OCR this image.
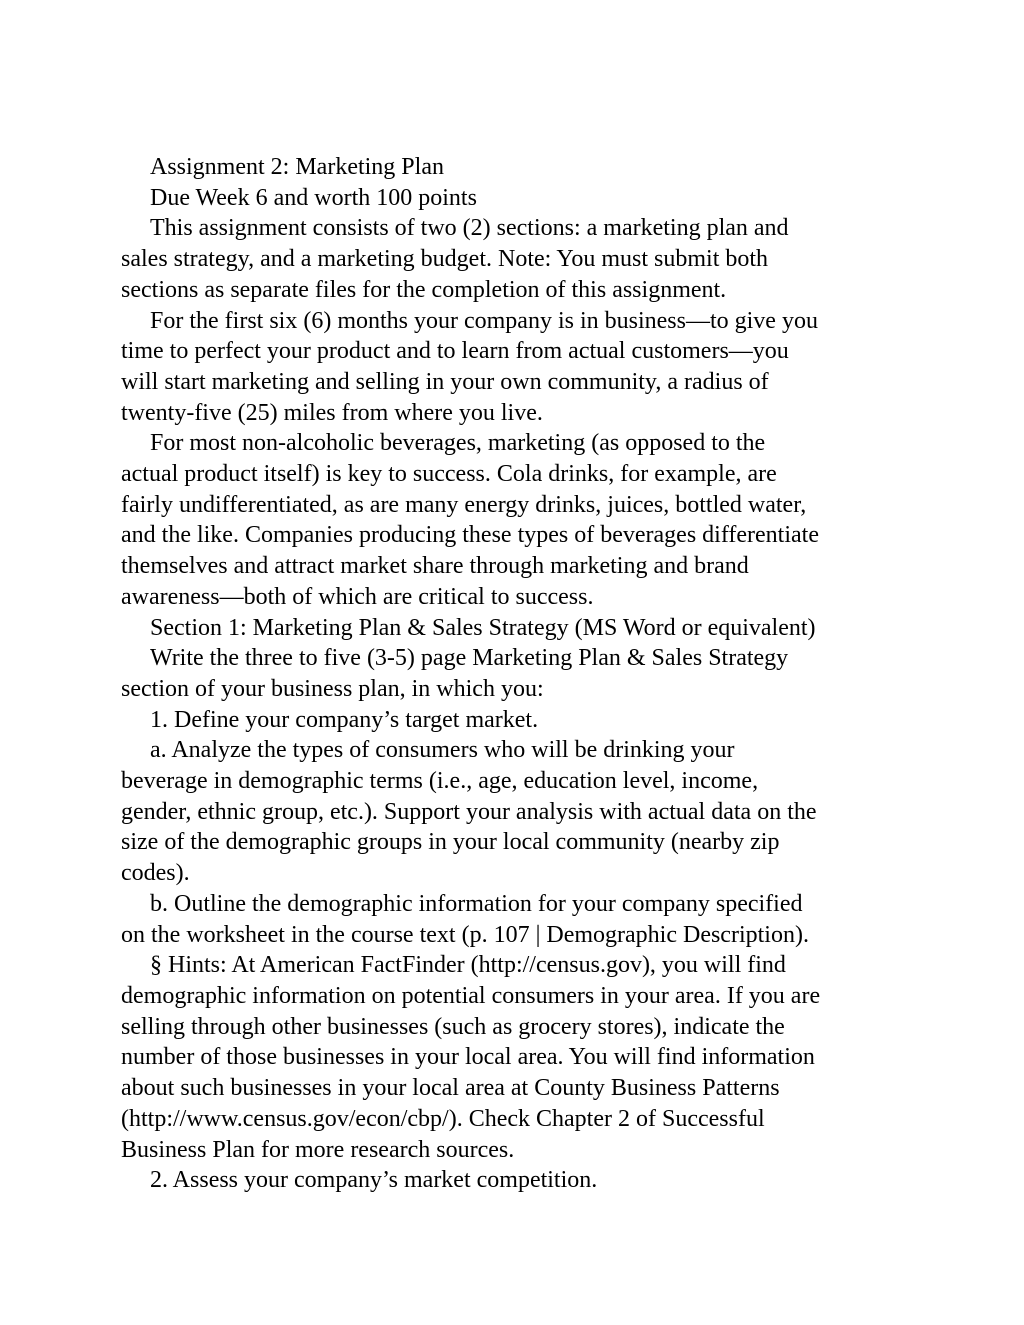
Assignment 2: Marketing Plan

Due Week 6 and worth 100 points

This assignment consists of two (2) sections: a marketing plan and
sales strategy, and a marketing budget. Note: You must submit both
sections as separate files for the completion of this assignment.

For the first six (6) months your company is in business—to give you
time to perfect your product and to learn from actual customers—you
will start marketing and selling in your own community, a radius of
twenty-five (25) miles from where you live.

For most non-alcoholic beverages, marketing (as opposed to the
actual product itself) is key to success. Cola drinks, for example, are
fairly undifferentiated, as are many energy drinks, juices, bottled water,
and the like. Companies producing these types of beverages differentiate
themselves and attract market share through marketing and brand
awareness—both of which are critical to success.

Section 1: Marketing Plan & Sales Strategy (MS Word or equivalent)

Write the three to five (3-5) page Marketing Plan & Sales Strategy
section of your business plan, in which you:

1. Define your company’s target market.

a. Analyze the types of consumers who will be drinking your
beverage in demographic terms (i.e., age, education level, income,
gender, ethnic group, etc.). Support your analysis with actual data on the
size of the demographic groups in your local community (nearby zip
codes).

b. Outline the demographic information for your company specified
on the worksheet in the course text (p. 107 | Demographic Description).

§ Hints: At American FactFinder (http://census.gov), you will find
demographic information on potential consumers in your area. If you are
selling through other businesses (such as grocery stores), indicate the
number of those businesses in your local area. You will find information
about such businesses in your local area at County Business Patterns
(http://www.census.gov/econ/cbp/). Check Chapter 2 of Successful
Business Plan for more research sources.

2. Assess your company’s market competition.
